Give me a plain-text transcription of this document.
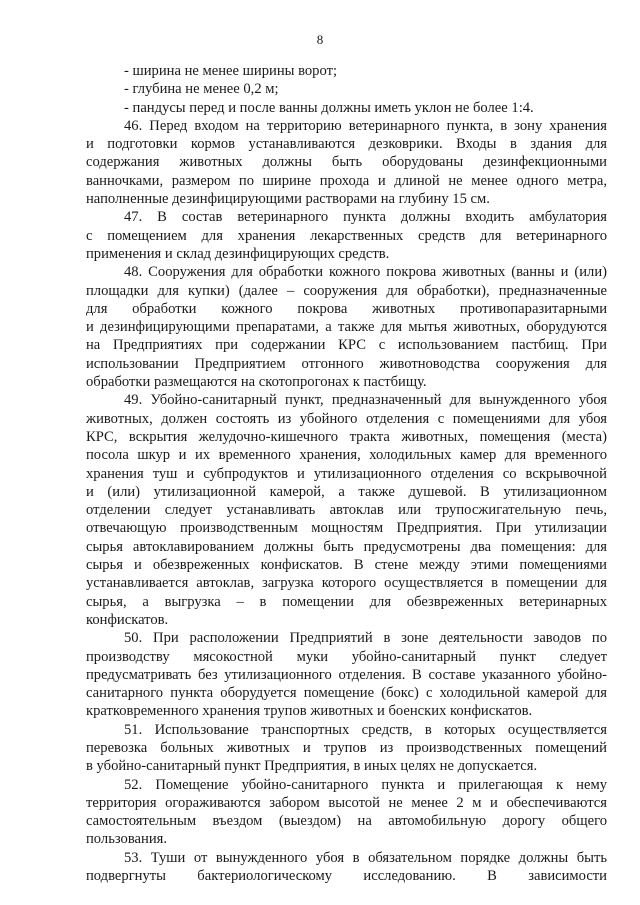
8
- ширина не менее ширины ворот;
- глубина не менее 0,2 м;
- пандусы перед и после ванны должны иметь уклон не более 1:4.
46. Перед входом на территорию ветеринарного пункта, в зону хранения
и подготовки кормов устанавливаются дезковрики. Входы в здания для
содержания животных должны быть оборудованы дезинфекционными
ванночками, размером по ширине прохода и длиной не менее одного метра,
наполненные дезинфицирующими растворами на глубину 15 см.
47. В состав ветеринарного пункта должны входить амбулатория
с помещением для хранения лекарственных средств для ветеринарного
применения и склад дезинфицирующих средств.
48. Сооружения для обработки кожного покрова животных (ванны и (или)
площадки для купки) (далее – сооружения для обработки), предназначенные
для обработки кожного покрова животных противопаразитарными
и дезинфицирующими препаратами, а также для мытья животных, оборудуются
на Предприятиях при содержании КРС с использованием пастбищ. При
использовании Предприятием отгонного животноводства сооружения для
обработки размещаются на скотопрогонах к пастбищу.
49. Убойно-санитарный пункт, предназначенный для вынужденного убоя
животных, должен состоять из убойного отделения с помещениями для убоя
КРС, вскрытия желудочно-кишечного тракта животных, помещения (места)
посола шкур и их временного хранения, холодильных камер для временного
хранения туш и субпродуктов и утилизационного отделения со вскрывочной
и (или) утилизационной камерой, а также душевой. В утилизационном
отделении следует устанавливать автоклав или трупосжигательную печь,
отвечающую производственным мощностям Предприятия. При утилизации
сырья автоклавированием должны быть предусмотрены два помещения: для
сырья и обезвреженных конфискатов. В стене между этими помещениями
устанавливается автоклав, загрузка которого осуществляется в помещении для
сырья, а выгрузка – в помещении для обезвреженных ветеринарных
конфискатов.
50. При расположении Предприятий в зоне деятельности заводов по
производству мясокостной муки убойно-санитарный пункт следует
предусматривать без утилизационного отделения. В составе указанного убойно-
санитарного пункта оборудуется помещение (бокс) с холодильной камерой для
кратковременного хранения трупов животных и боенских конфискатов.
51. Использование транспортных средств, в которых осуществляется
перевозка больных животных и трупов из производственных помещений
в убойно-санитарный пункт Предприятия, в иных целях не допускается.
52. Помещение убойно-санитарного пункта и прилегающая к нему
территория огораживаются забором высотой не менее 2 м и обеспечиваются
самостоятельным въездом (выездом) на автомобильную дорогу общего
пользования.
53. Туши от вынужденного убоя в обязательном порядке должны быть
подвергнуты бактериологическому исследованию. В зависимости
